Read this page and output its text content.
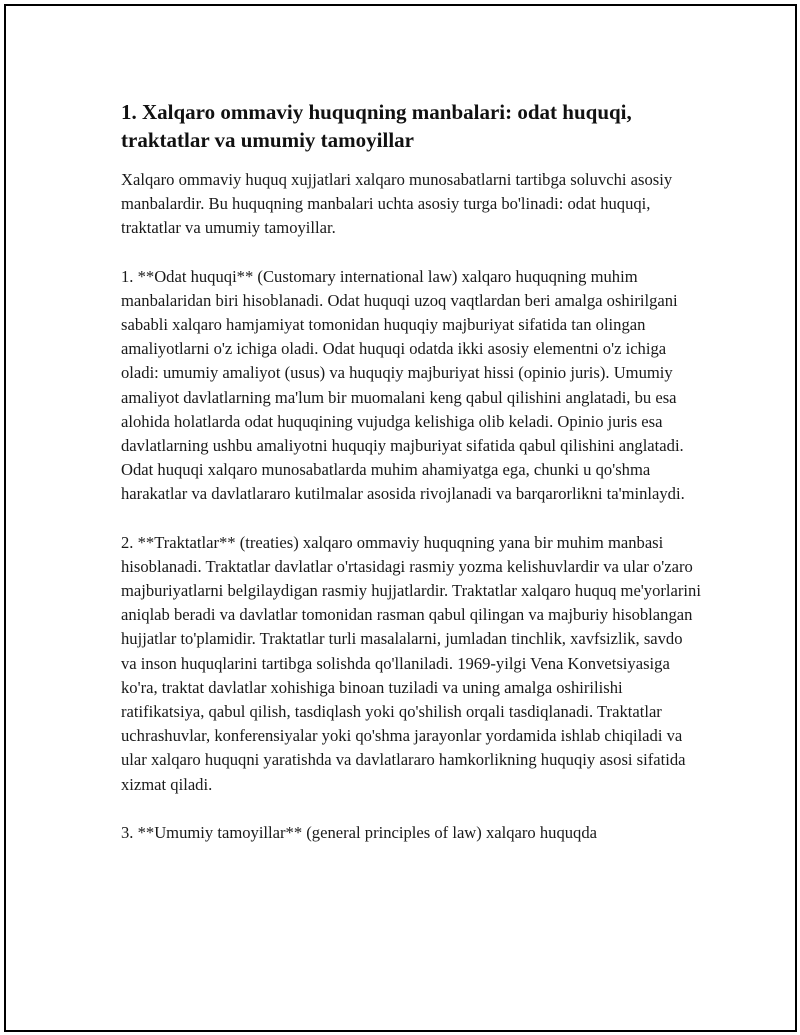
1. Xalqaro ommaviy huquqning manbalari: odat huquqi, traktatlar va umumiy tamoyillar

Xalqaro ommaviy huquq xujjatlari xalqaro munosabatlarni tartibga soluvchi asosiy manbalardir. Bu huquqning manbalari uchta asosiy turga bo'linadi: odat huquqi, traktatlar va umumiy tamoyillar.

1. **Odat huquqi** (Customary international law) xalqaro huquqning muhim manbalaridan biri hisoblanadi. Odat huquqi uzoq vaqtlardan beri amalga oshirilgani sababli xalqaro hamjamiyat tomonidan huquqiy majburiyat sifatida tan olingan amaliyotlarni o'z ichiga oladi. Odat huquqi odatda ikki asosiy elementni o'z ichiga oladi: umumiy amaliyot (usus) va huquqiy majburiyat hissi (opinio juris). Umumiy amaliyot davlatlarning ma'lum bir muomalani keng qabul qilishini anglatadi, bu esa alohida holatlarda odat huquqining vujudga kelishiga olib keladi. Opinio juris esa davlatlarning ushbu amaliyotni huquqiy majburiyat sifatida qabul qilishini anglatadi. Odat huquqi xalqaro munosabatlarda muhim ahamiyatga ega, chunki u qo'shma harakatlar va davlatlararo kutilmalar asosida rivojlanadi va barqarorlikni ta'minlaydi.

2. **Traktatlar** (treaties) xalqaro ommaviy huquqning yana bir muhim manbasi hisoblanadi. Traktatlar davlatlar o'rtasidagi rasmiy yozma kelishuvlardir va ular o'zaro majburiyatlarni belgilaydigan rasmiy hujjatlardir. Traktatlar xalqaro huquq me'yorlarini aniqlab beradi va davlatlar tomonidan rasman qabul qilingan va majburiy hisoblangan hujjatlar to'plamidir. Traktatlar turli masalalarni, jumladan tinchlik, xavfsizlik, savdo va inson huquqlarini tartibga solishda qo'llaniladi. 1969-yilgi Vena Konvetsiyasiga ko'ra, traktat davlatlar xohishiga binoan tuziladi va uning amalga oshirilishi ratifikatsiya, qabul qilish, tasdiqlash yoki qo'shilish orqali tasdiqlanadi. Traktatlar uchrashuvlar, konferensiyalar yoki qo'shma jarayonlar yordamida ishlab chiqiladi va ular xalqaro huquqni yaratishda va davlatlararo hamkorlikning huquqiy asosi sifatida xizmat qiladi.

3. **Umumiy tamoyillar** (general principles of law) xalqaro huquqda
